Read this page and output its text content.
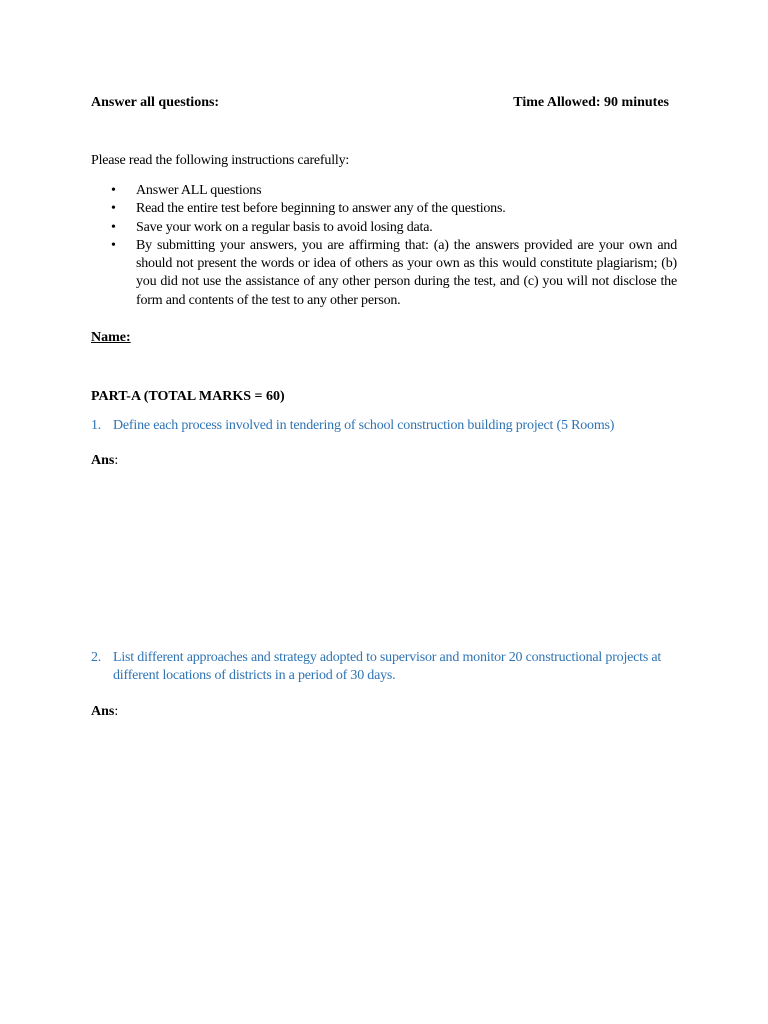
Answer all questions:	Time Allowed: 90 minutes
Please read the following instructions carefully:
• Answer ALL questions
• Read the entire test before beginning to answer any of the questions.
• Save your work on a regular basis to avoid losing data.
• By submitting your answers, you are affirming that: (a) the answers provided are your own and should not present the words or idea of others as your own as this would constitute plagiarism; (b) you did not use the assistance of any other person during the test, and (c) you will not disclose the form and contents of the test to any other person.
Name:
PART-A (TOTAL MARKS = 60)
1. Define each process involved in tendering of school construction building project (5 Rooms)
Ans:
2. List different approaches and strategy adopted to supervisor and monitor 20 constructional projects at different locations of districts in a period of 30 days.
Ans:
